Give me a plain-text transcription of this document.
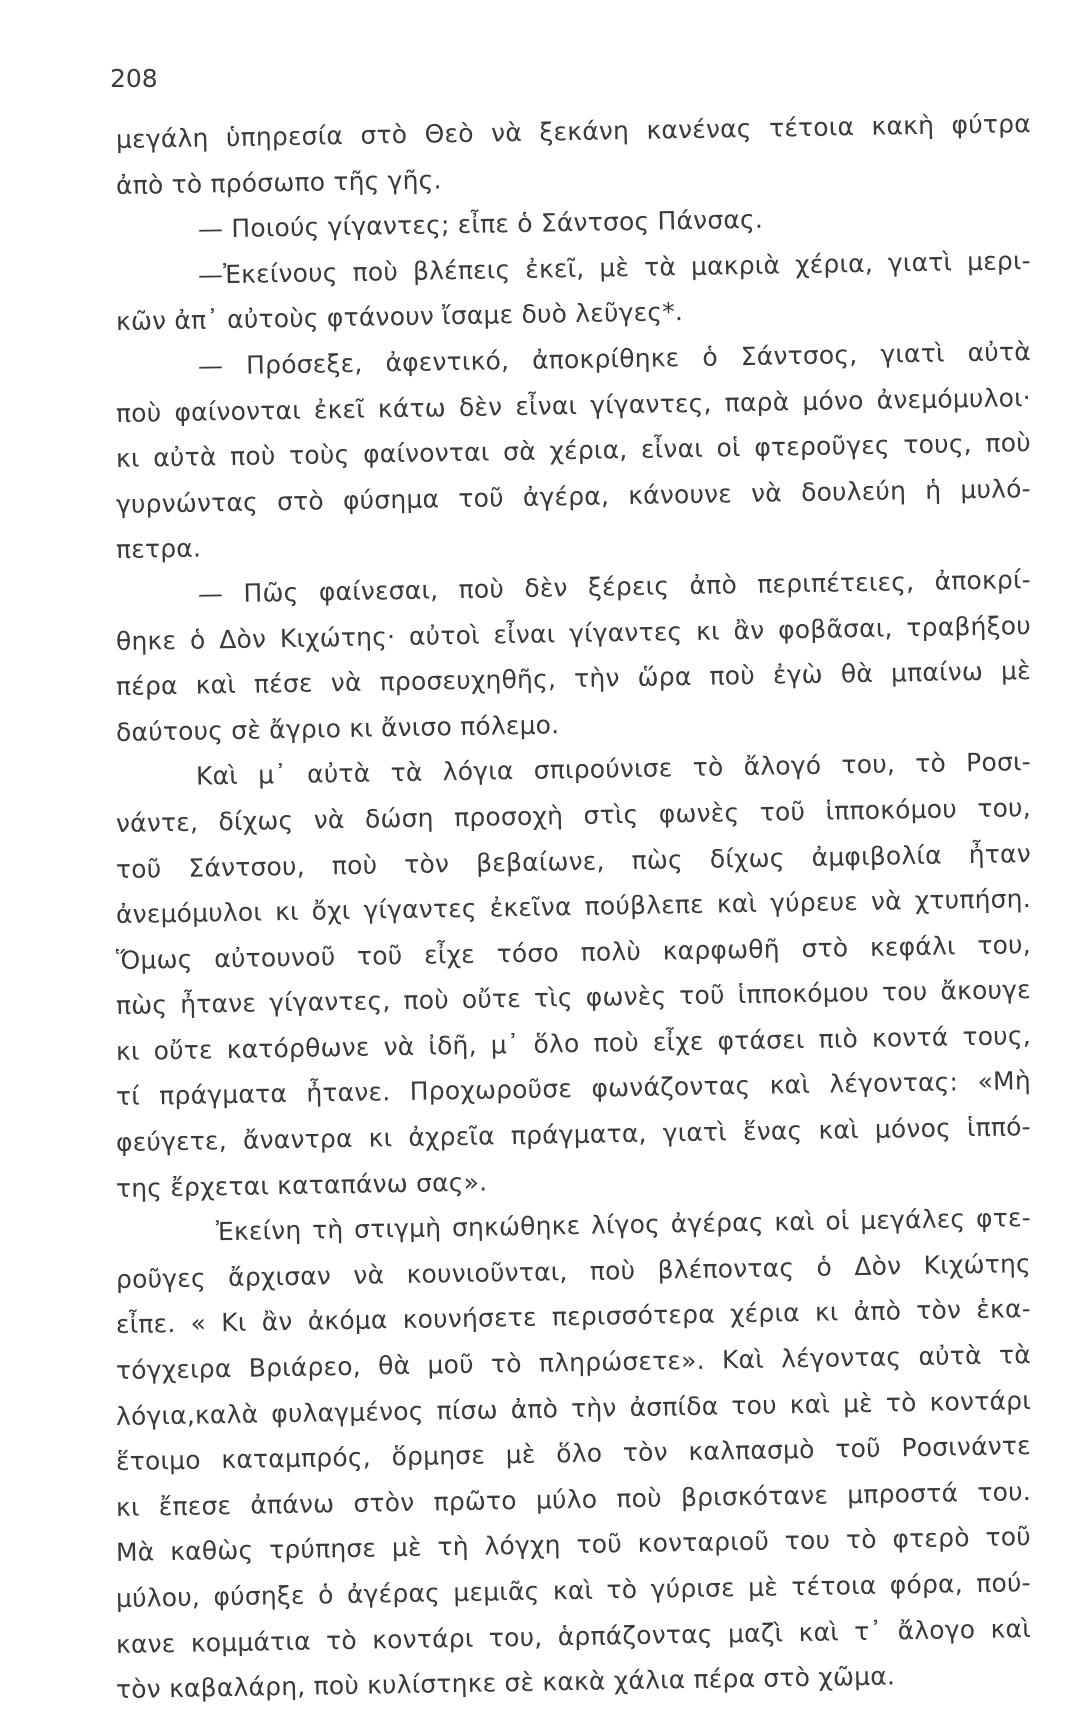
208
μεγάλη ὑπηρεσία στὸ Θεὸ νὰ ξεκάνη κανένας τέτοια κακὴ φύτρα
ἀπὸ τὸ πρόσωπο τῆς γῆς.
— Ποιούς γίγαντες; εἶπε ὁ Σάντσος Πάνσας.
—Ἐκείνους ποὺ βλέπεις ἐκεῖ, μὲ τὰ μακριὰ χέρια, γιατὶ μερι-
κῶν ἀπ᾽ αὐτοὺς φτάνουν ἴσαμε δυὸ λεῦγες*.
— Πρόσεξε, ἀφεντικό, ἀποκρίθηκε ὁ Σάντσος, γιατὶ αὐτὰ
ποὺ φαίνονται ἐκεῖ κάτω δὲν εἶναι γίγαντες, παρὰ μόνο ἀνεμόμυλοι·
κι αὐτὰ ποὺ τοὺς φαίνονται σὰ χέρια, εἶναι οἱ φτεροῦγες τους, ποὺ
γυρνώντας στὸ φύσημα τοῦ ἀγέρα, κάνουνε νὰ δουλεύη ἡ μυλό-
πετρα.
— Πῶς φαίνεσαι, ποὺ δὲν ξέρεις ἀπὸ περιπέτειες, ἀποκρί-
θηκε ὁ Δὸν Κιχώτης· αὐτοὶ εἶναι γίγαντες κι ἂν φοβᾶσαι, τραβήξου
πέρα καὶ πέσε νὰ προσευχηθῆς, τὴν ὥρα ποὺ ἐγὼ θὰ μπαίνω μὲ
δαύτους σὲ ἄγριο κι ἄνισο πόλεμο.
Καὶ μ᾽ αὐτὰ τὰ λόγια σπιρούνισε τὸ ἄλογό του, τὸ Ροσι-
νάντε, δίχως νὰ δώση προσοχὴ στὶς φωνὲς τοῦ ἱπποκόμου του,
τοῦ Σάντσου, ποὺ τὸν βεβαίωνε, πὼς δίχως ἀμφιβολία ἦταν
ἀνεμόμυλοι κι ὄχι γίγαντες ἐκεῖνα πούβλεπε καὶ γύρευε νὰ χτυπήση.
Ὅμως αὐτουνοῦ τοῦ εἶχε τόσο πολὺ καρφωθῆ στὸ κεφάλι του,
πὼς ἦτανε γίγαντες, ποὺ οὔτε τὶς φωνὲς τοῦ ἱπποκόμου του ἄκουγε
κι οὔτε κατόρθωνε νὰ ἰδῆ, μ᾽ ὅλο ποὺ εἶχε φτάσει πιὸ κοντά τους,
τί πράγματα ἦτανε. Προχωροῦσε φωνάζοντας καὶ λέγοντας: «Μὴ
φεύγετε, ἄναντρα κι ἀχρεῖα πράγματα, γιατὶ ἕνας καὶ μόνος ἱππό-
της ἔρχεται καταπάνω σας».
Ἐκείνη τὴ στιγμὴ σηκώθηκε λίγος ἀγέρας καὶ οἱ μεγάλες φτε-
ροῦγες ἄρχισαν νὰ κουνιοῦνται, ποὺ βλέποντας ὁ Δὸν Κιχώτης
εἶπε. « Κι ἂν ἀκόμα κουνήσετε περισσότερα χέρια κι ἀπὸ τὸν ἑκα-
τόγχειρα Βριάρεο, θὰ μοῦ τὸ πληρώσετε». Καὶ λέγοντας αὐτὰ τὰ
λόγια,καλὰ φυλαγμένος πίσω ἀπὸ τὴν ἀσπίδα του καὶ μὲ τὸ κοντάρι
ἕτοιμο καταμπρός, ὅρμησε μὲ ὅλο τὸν καλπασμὸ τοῦ Ροσινάντε
κι ἔπεσε ἀπάνω στὸν πρῶτο μύλο ποὺ βρισκότανε μπροστά του.
Μὰ καθὼς τρύπησε μὲ τὴ λόγχη τοῦ κονταριοῦ του τὸ φτερὸ τοῦ
μύλου, φύσηξε ὁ ἀγέρας μεμιᾶς καὶ τὸ γύρισε μὲ τέτοια φόρα, πού-
κανε κομμάτια τὸ κοντάρι του, ἁρπάζοντας μαζὶ καὶ τ᾽ ἄλογο καὶ
τὸν καβαλάρη, ποὺ κυλίστηκε σὲ κακὰ χάλια πέρα στὸ χῶμα.
